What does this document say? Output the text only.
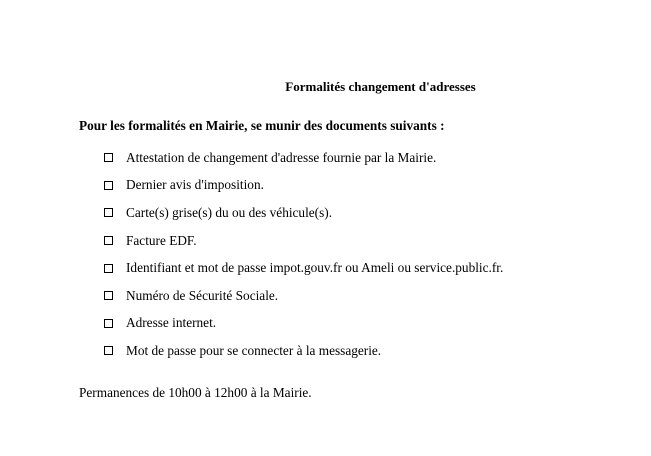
Formalités changement d'adresses
Pour les formalités en Mairie, se munir des documents suivants :
Attestation de changement d'adresse fournie par la Mairie.
Dernier avis d'imposition.
Carte(s) grise(s) du ou des véhicule(s).
Facture EDF.
Identifiant et mot de passe impot.gouv.fr ou Ameli ou service.public.fr.
Numéro de Sécurité Sociale.
Adresse internet.
Mot de passe pour se connecter à la messagerie.
Permanences de 10h00 à 12h00 à la Mairie.
